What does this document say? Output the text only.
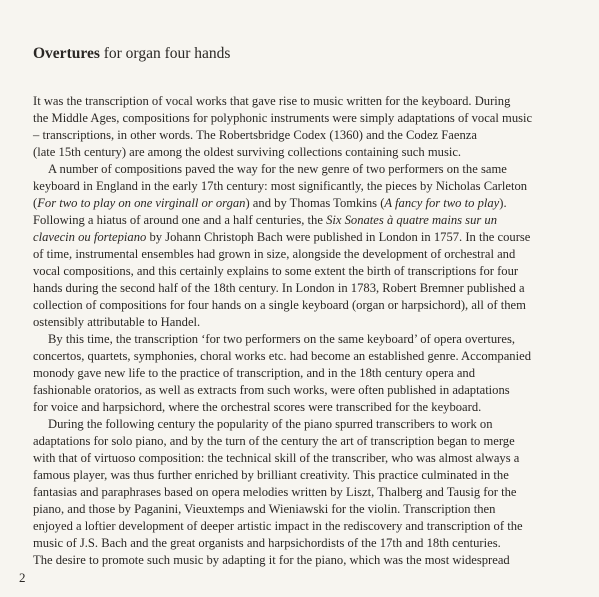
Overtures for organ four hands
It was the transcription of vocal works that gave rise to music written for the keyboard. During
the Middle Ages, compositions for polyphonic instruments were simply adaptations of vocal music
– transcriptions, in other words. The Robertsbridge Codex (1360) and the Codez Faenza
(late 15th century) are among the oldest surviving collections containing such music.
A number of compositions paved the way for the new genre of two performers on the same
keyboard in England in the early 17th century: most significantly, the pieces by Nicholas Carleton
(For two to play on one virginall or organ) and by Thomas Tomkins (A fancy for two to play).
Following a hiatus of around one and a half centuries, the Six Sonates à quatre mains sur un
clavecin ou fortepiano by Johann Christoph Bach were published in London in 1757. In the course
of time, instrumental ensembles had grown in size, alongside the development of orchestral and
vocal compositions, and this certainly explains to some extent the birth of transcriptions for four
hands during the second half of the 18th century. In London in 1783, Robert Bremner published a
collection of compositions for four hands on a single keyboard (organ or harpsichord), all of them
ostensibly attributable to Handel.
By this time, the transcription ‘for two performers on the same keyboard’ of opera overtures,
concertos, quartets, symphonies, choral works etc. had become an established genre. Accompanied
monody gave new life to the practice of transcription, and in the 18th century opera and
fashionable oratorios, as well as extracts from such works, were often published in adaptations
for voice and harpsichord, where the orchestral scores were transcribed for the keyboard.
During the following century the popularity of the piano spurred transcribers to work on
adaptations for solo piano, and by the turn of the century the art of transcription began to merge
with that of virtuoso composition: the technical skill of the transcriber, who was almost always a
famous player, was thus further enriched by brilliant creativity. This practice culminated in the
fantasias and paraphrases based on opera melodies written by Liszt, Thalberg and Tausig for the
piano, and those by Paganini, Vieuxtemps and Wieniawski for the violin. Transcription then
enjoyed a loftier development of deeper artistic impact in the rediscovery and transcription of the
music of J.S. Bach and the great organists and harpsichordists of the 17th and 18th centuries.
The desire to promote such music by adapting it for the piano, which was the most widespread
2
